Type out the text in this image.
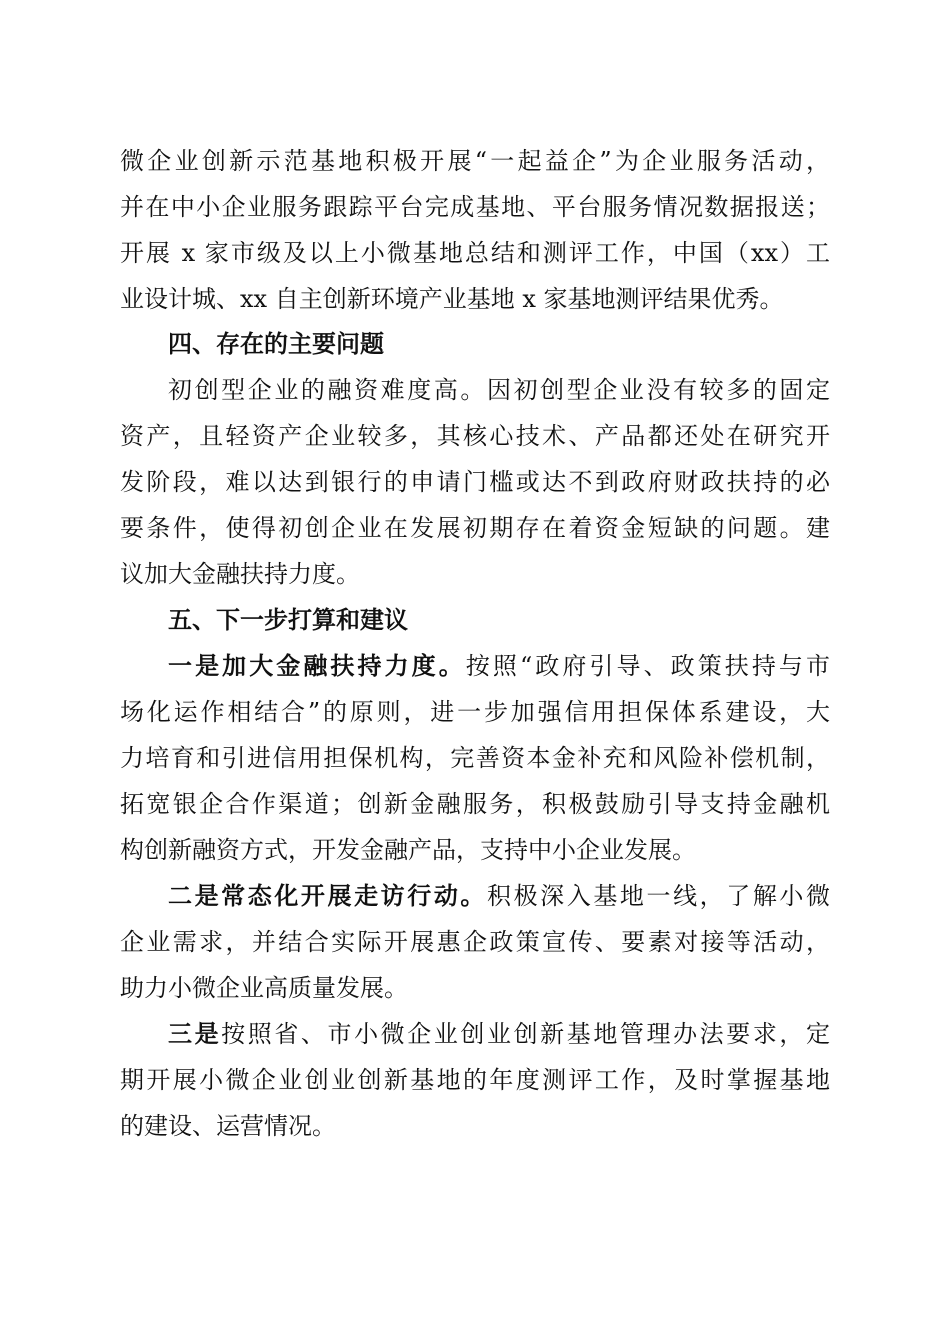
微企业创新示范基地积极开展“一起益企”为企业服务活动，
并在中小企业服务跟踪平台完成基地、平台服务情况数据报送；
开展 x 家市级及以上小微基地总结和测评工作，中国（xx）工
业设计城、xx 自主创新环境产业基地 x 家基地测评结果优秀。
四、存在的主要问题
初创型企业的融资难度高。因初创型企业没有较多的固定
资产，且轻资产企业较多，其核心技术、产品都还处在研究开
发阶段，难以达到银行的申请门槛或达不到政府财政扶持的必
要条件，使得初创企业在发展初期存在着资金短缺的问题。建
议加大金融扶持力度。
五、下一步打算和建议
一是加大金融扶持力度。按照“政府引导、政策扶持与市
场化运作相结合”的原则，进一步加强信用担保体系建设，大
力培育和引进信用担保机构，完善资本金补充和风险补偿机制，
拓宽银企合作渠道；创新金融服务，积极鼓励引导支持金融机
构创新融资方式，开发金融产品，支持中小企业发展。
二是常态化开展走访行动。积极深入基地一线，了解小微
企业需求，并结合实际开展惠企政策宣传、要素对接等活动，
助力小微企业高质量发展。
三是按照省、市小微企业创业创新基地管理办法要求，定
期开展小微企业创业创新基地的年度测评工作，及时掌握基地
的建设、运营情况。
